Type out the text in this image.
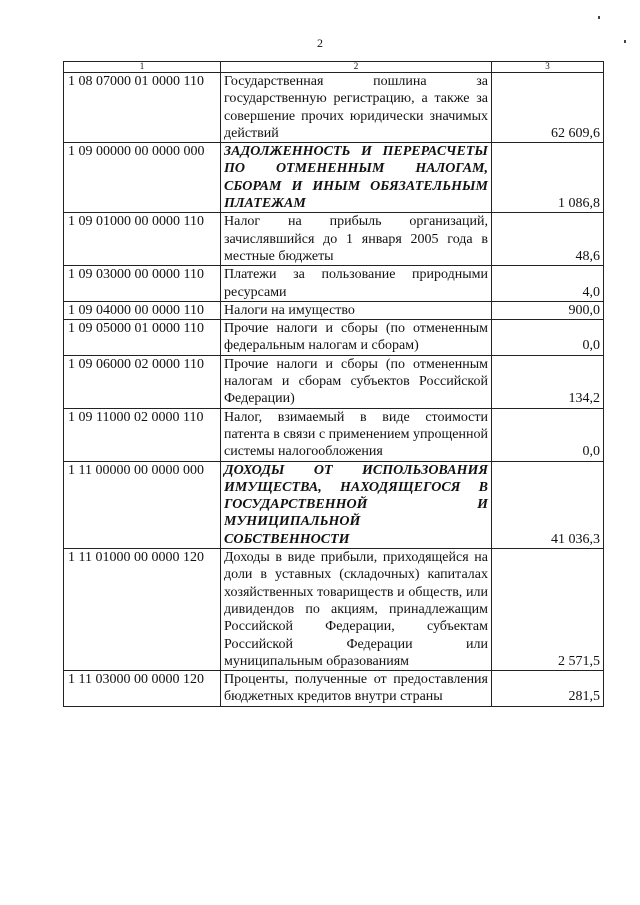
2
1	2	3
1 08 07000 01 0000 110	Государственная пошлина за государственную регистрацию, а также за совершение прочих юридически значимых действий	62 609,6
1 09 00000 00 0000 000	ЗАДОЛЖЕННОСТЬ И ПЕРЕРАСЧЕТЫ ПО ОТМЕНЕННЫМ НАЛОГАМ, СБОРАМ И ИНЫМ ОБЯЗАТЕЛЬНЫМ ПЛАТЕЖАМ	1 086,8
1 09 01000 00 0000 110	Налог на прибыль организаций, зачислявшийся до 1 января 2005 года в местные бюджеты	48,6
1 09 03000 00 0000 110	Платежи за пользование природными ресурсами	4,0
1 09 04000 00 0000 110	Налоги на имущество	900,0
1 09 05000 01 0000 110	Прочие налоги и сборы (по отмененным федеральным налогам и сборам)	0,0
1 09 06000 02 0000 110	Прочие налоги и сборы (по отмененным налогам и сборам субъектов Российской Федерации)	134,2
1 09 11000 02 0000 110	Налог, взимаемый в виде стоимости патента в связи с применением упрощенной системы налогообложения	0,0
1 11 00000 00 0000 000	ДОХОДЫ ОТ ИСПОЛЬЗОВАНИЯ ИМУЩЕСТВА, НАХОДЯЩЕГОСЯ В ГОСУДАРСТВЕННОЙ И МУНИЦИПАЛЬНОЙ СОБСТВЕННОСТИ	41 036,3
1 11 01000 00 0000 120	Доходы в виде прибыли, приходящейся на доли в уставных (складочных) капиталах хозяйственных товариществ и обществ, или дивидендов по акциям, принадлежащим Российской Федерации, субъектам Российской Федерации или муниципальным образованиям	2 571,5
1 11 03000 00 0000 120	Проценты, полученные от предоставления бюджетных кредитов внутри страны	281,5
